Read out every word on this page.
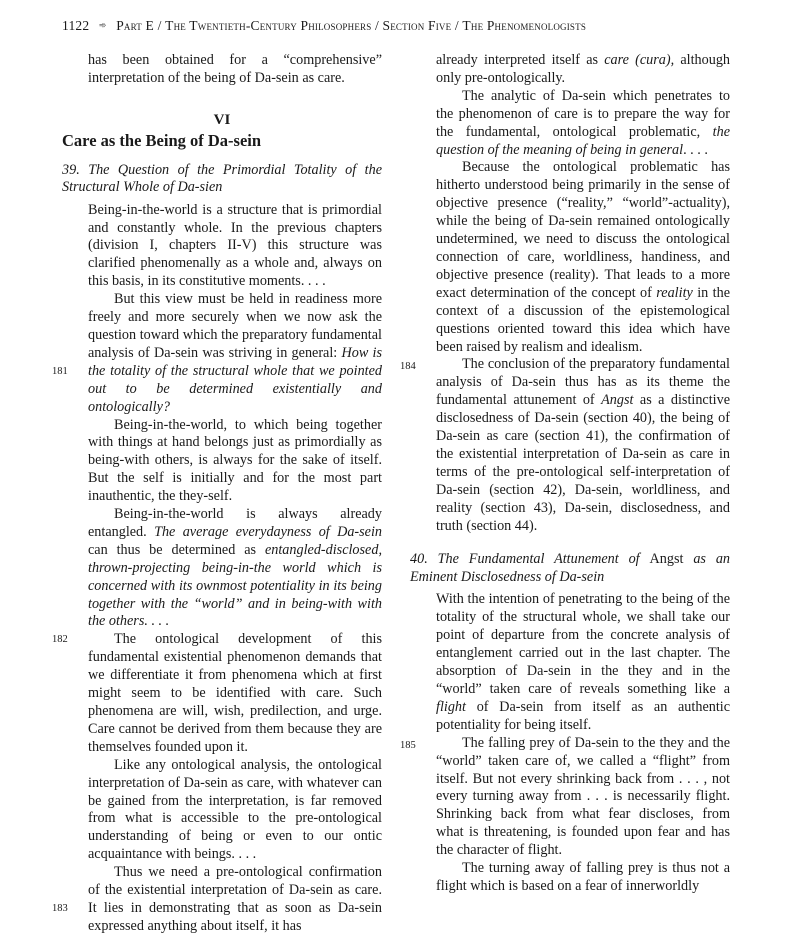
1122 ➾ Part E / The Twentieth-Century Philosophers / Section Five / The Phenomenologists

has been obtained for a “comprehensive” interpretation of the being of Da-sein as care.

VI
Care as the Being of Da-sein

39. The Question of the Primordial Totality of the Structural Whole of Da-sien

Being-in-the-world is a structure that is primordial and constantly whole. In the previous chapters (division I, chapters II-V) this structure was clarified phenomenally as a whole and, always on this basis, in its constitutive moments. . . .

But this view must be held in readiness more freely and more securely when we now ask the question toward which the preparatory fundamental analysis of Da-sein was striving in general: How is the totality of the structural whole that we pointed out to be determined existentially and ontologically?
181

Being-in-the-world, to which being together with things at hand belongs just as primordially as being-with others, is always for the sake of itself. But the self is initially and for the most part inauthentic, the they-self.

Being-in-the-world is always already entangled. The average everydayness of Da-sein can thus be determined as entangled-disclosed, thrown-projecting being-in-the world which is concerned with its ownmost potentiality in its being together with the “world” and in being-with with the others. . . .

182	The ontological development of this fundamental existential phenomenon demands that we differentiate it from phenomena which at first might seem to be identified with care. Such phenomena are will, wish, predilection, and urge. Care cannot be derived from them because they are themselves founded upon it.

Like any ontological analysis, the ontological interpretation of Da-sein as care, with whatever can be gained from the interpretation, is far removed from what is accessible to the pre-ontological understanding of being or even to our ontic acquaintance with beings. . . .

Thus we need a pre-ontological confirmation of the existential interpretation of Da-sein as care. It lies in demonstrating that as soon as Da-sein expressed anything about itself, it has
183

already interpreted itself as care (cura), although only pre-ontologically.

The analytic of Da-sein which penetrates to the phenomenon of care is to prepare the way for the fundamental, ontological problematic, the question of the meaning of being in general. . . .

Because the ontological problematic has hitherto understood being primarily in the sense of objective presence (“reality,” “world”-actuality), while the being of Da-sein remained ontologically undetermined, we need to discuss the ontological connection of care, worldliness, handiness, and objective presence (reality). That leads to a more exact determination of the concept of reality in the context of a discussion of the epistemological questions oriented toward this idea which have been raised by realism and idealism.

184	The conclusion of the preparatory fundamental analysis of Da-sein thus has as its theme the fundamental attunement of Angst as a distinctive disclosedness of Da-sein (section 40), the being of Da-sein as care (section 41), the confirmation of the existential interpretation of Da-sein as care in terms of the pre-ontological self-interpretation of Da-sein (section 42), Da-sein, worldliness, and reality (section 43), Da-sein, disclosedness, and truth (section 44).

40. The Fundamental Attunement of Angst as an Eminent Disclosedness of Da-sein

With the intention of penetrating to the being of the totality of the structural whole, we shall take our point of departure from the concrete analysis of entanglement carried out in the last chapter. The absorption of Da-sein in the they and in the “world” taken care of reveals something like a flight of Da-sein from itself as an authentic potentiality for being itself.

185	The falling prey of Da-sein to the they and the “world” taken care of, we called a “flight” from itself. But not every shrinking back from . . . , not every turning away from . . . is necessarily flight. Shrinking back from what fear discloses, from what is threatening, is founded upon fear and has the character of flight.

The turning away of falling prey is thus not a flight which is based on a fear of innerworldly
